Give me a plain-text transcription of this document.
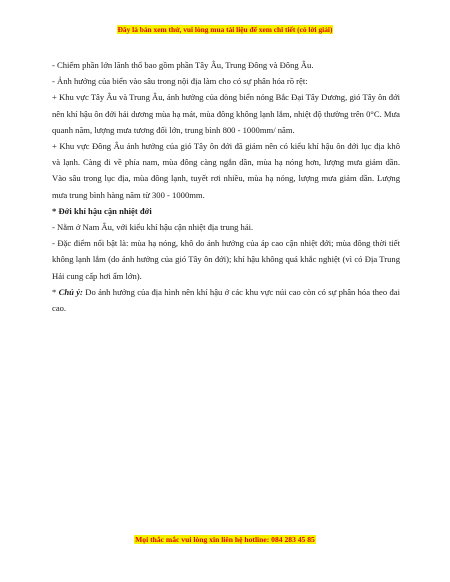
Đây là bản xem thử, vui lòng mua tài liệu để xem chi tiết (có lời giải)

- Chiếm phần lớn lãnh thổ bao gồm phần Tây Âu, Trung Đông và Đông Âu.

- Ảnh hưởng của biển vào sâu trong nội địa làm cho có sự phân hóa rõ rệt:

+ Khu vực Tây Âu và Trung Âu, ảnh hưởng của dòng biển nóng Bắc Đại Tây Dương, gió Tây ôn đới nên khí hậu ôn đới hải dương mùa hạ mát, mùa đông không lạnh lắm, nhiệt độ thường trên 0°C. Mưa quanh năm, lượng mưa tương đối lớn, trung bình 800 - 1000mm/ năm.

+ Khu vực Đông Âu ảnh hưởng của gió Tây ôn đới đã giảm nên có kiểu khí hậu ôn đới lục địa khô và lạnh. Càng đi về phía nam, mùa đông càng ngắn dần, mùa hạ nóng hơn, lượng mưa giảm dần. Vào sâu trong lục địa, mùa đông lạnh, tuyết rơi nhiều, mùa hạ nóng, lượng mưa giảm dần. Lượng mưa trung bình hàng năm từ 300 - 1000mm.

* Đới khí hậu cận nhiệt đới

- Nằm ở Nam Âu, với kiểu khí hậu cận nhiệt địa trung hải.

- Đặc điểm nổi bật là: mùa hạ nóng, khô do ảnh hưởng của áp cao cận nhiệt đới; mùa đông thời tiết không lạnh lắm (do ảnh hưởng của gió Tây ôn đới); khí hậu không quá khắc nghiệt (vì có Địa Trung Hải cung cấp hơi ẩm lớn).

* Chú ý: Do ảnh hưởng của địa hình nên khí hậu ở các khu vực núi cao còn có sự phân hóa theo đai cao.

Mọi thắc mắc vui lòng xin liên hệ hotline: 084 283 45 85
